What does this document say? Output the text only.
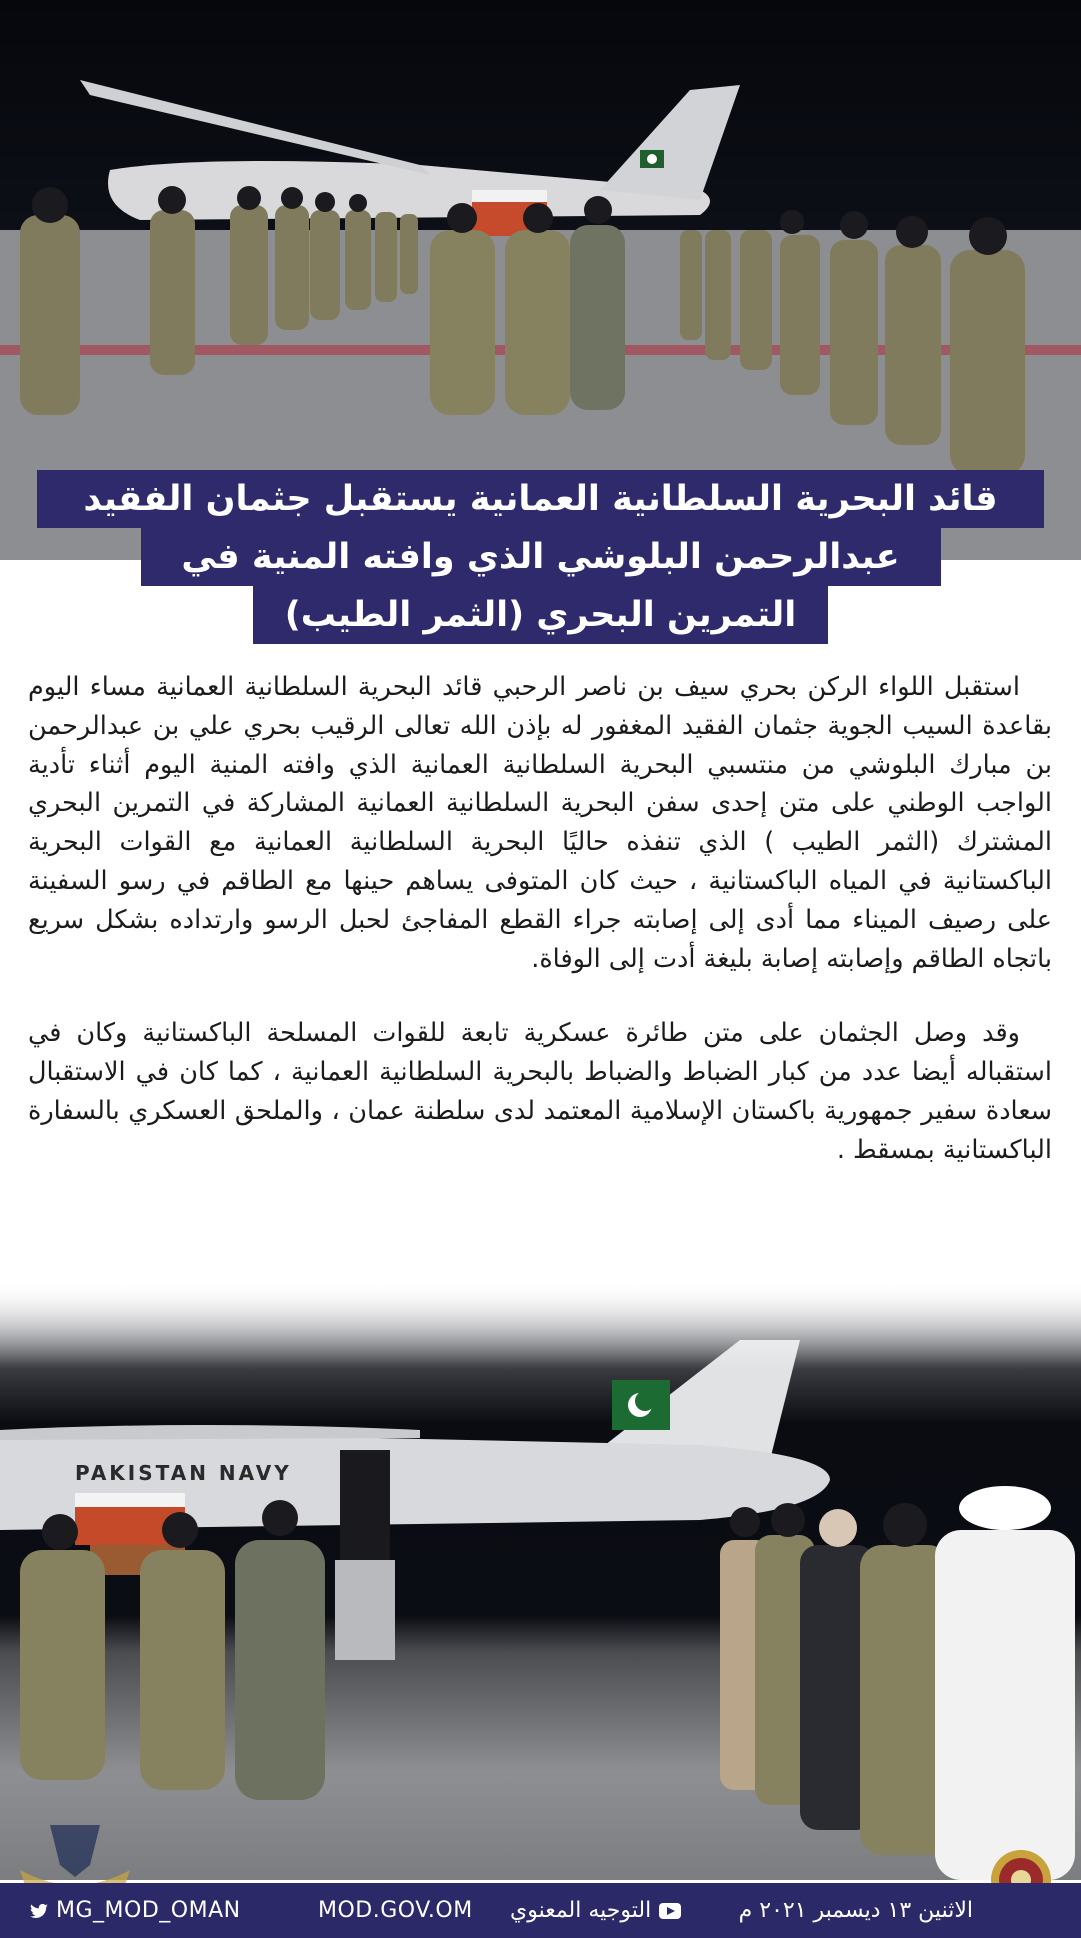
قائد البحرية السلطانية العمانية يستقبل جثمان الفقيد
عبدالرحمن البلوشي الذي وافته المنية في
التمرين البحري (الثمر الطيب)

استقبل اللواء الركن بحري سيف بن ناصر الرحبي قائد البحرية السلطانية العمانية مساء اليوم بقاعدة السيب الجوية جثمان الفقيد المغفور له بإذن الله تعالى الرقيب بحري علي بن عبدالرحمن بن مبارك البلوشي من منتسبي البحرية السلطانية العمانية الذي وافته المنية اليوم أثناء تأدية الواجب الوطني على متن إحدى سفن البحرية السلطانية العمانية المشاركة في التمرين البحري المشترك (الثمر الطيب ) الذي تنفذه حاليًا البحرية السلطانية العمانية مع القوات البحرية الباكستانية في المياه الباكستانية ، حيث كان المتوفى يساهم حينها مع الطاقم في رسو السفينة على رصيف الميناء مما أدى إلى إصابته جراء القطع المفاجئ لحبل الرسو وارتداده بشكل سريع باتجاه الطاقم وإصابته إصابة بليغة أدت إلى الوفاة.

وقد وصل الجثمان على متن طائرة عسكرية تابعة للقوات المسلحة الباكستانية وكان في استقباله أيضا عدد من كبار الضباط والضباط بالبحرية السلطانية العمانية ، كما كان في الاستقبال سعادة سفير جمهورية باكستان الإسلامية المعتمد لدى سلطنة عمان ، والملحق العسكري بالسفارة الباكستانية بمسقط .

PAKISTAN NAVY
الاثنين ١٣ ديسمبر ٢٠٢١ م
التوجيه المعنوي
MOD.GOV.OM
MG_MOD_OMAN
